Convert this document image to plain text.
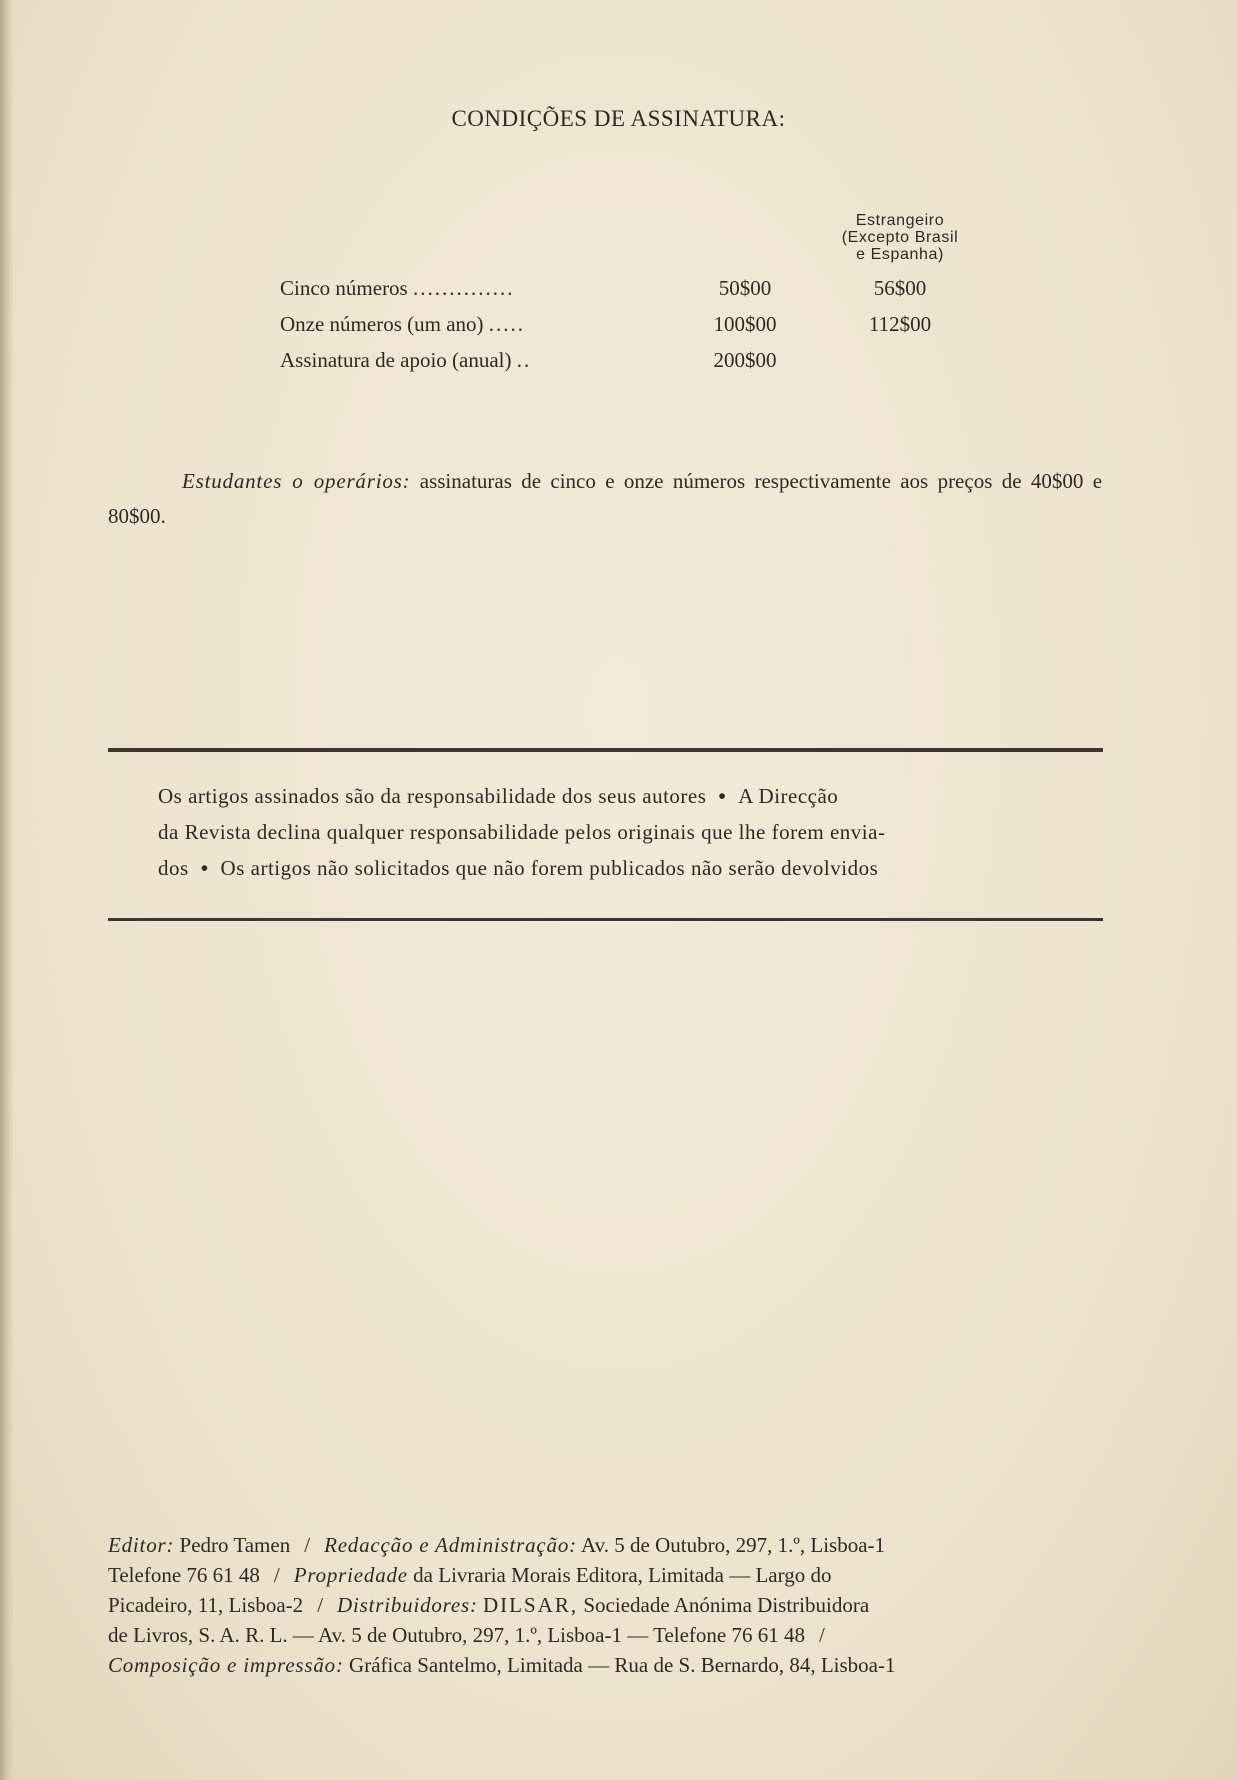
CONDIÇÕES DE ASSINATURA:
Estrangeiro
(Excepto Brasil
e Espanha)
Cinco números ..............	50$00	56$00
Onze números (um ano) .....	100$00	112$00
Assinatura de apoio (anual) ..	200$00
Estudantes o operários: assinaturas de cinco e onze números respectivamente aos preços de 40$00 e 80$00.
Os artigos assinados são da responsabilidade dos seus autores • A Direcção
da Revista declina qualquer responsabilidade pelos originais que lhe forem envia-
dos • Os artigos não solicitados que não forem publicados não serão devolvidos
Editor: Pedro Tamen / Redacção e Administração: Av. 5 de Outubro, 297, 1.º, Lisboa-1
Telefone 76 61 48 / Propriedade da Livraria Morais Editora, Limitada — Largo do
Picadeiro, 11, Lisboa-2 / Distribuidores: DILSAR, Sociedade Anónima Distribuidora
de Livros, S. A. R. L. — Av. 5 de Outubro, 297, 1.º, Lisboa-1 — Telefone 76 61 48 /
Composição e impressão: Gráfica Santelmo, Limitada — Rua de S. Bernardo, 84, Lisboa-1
